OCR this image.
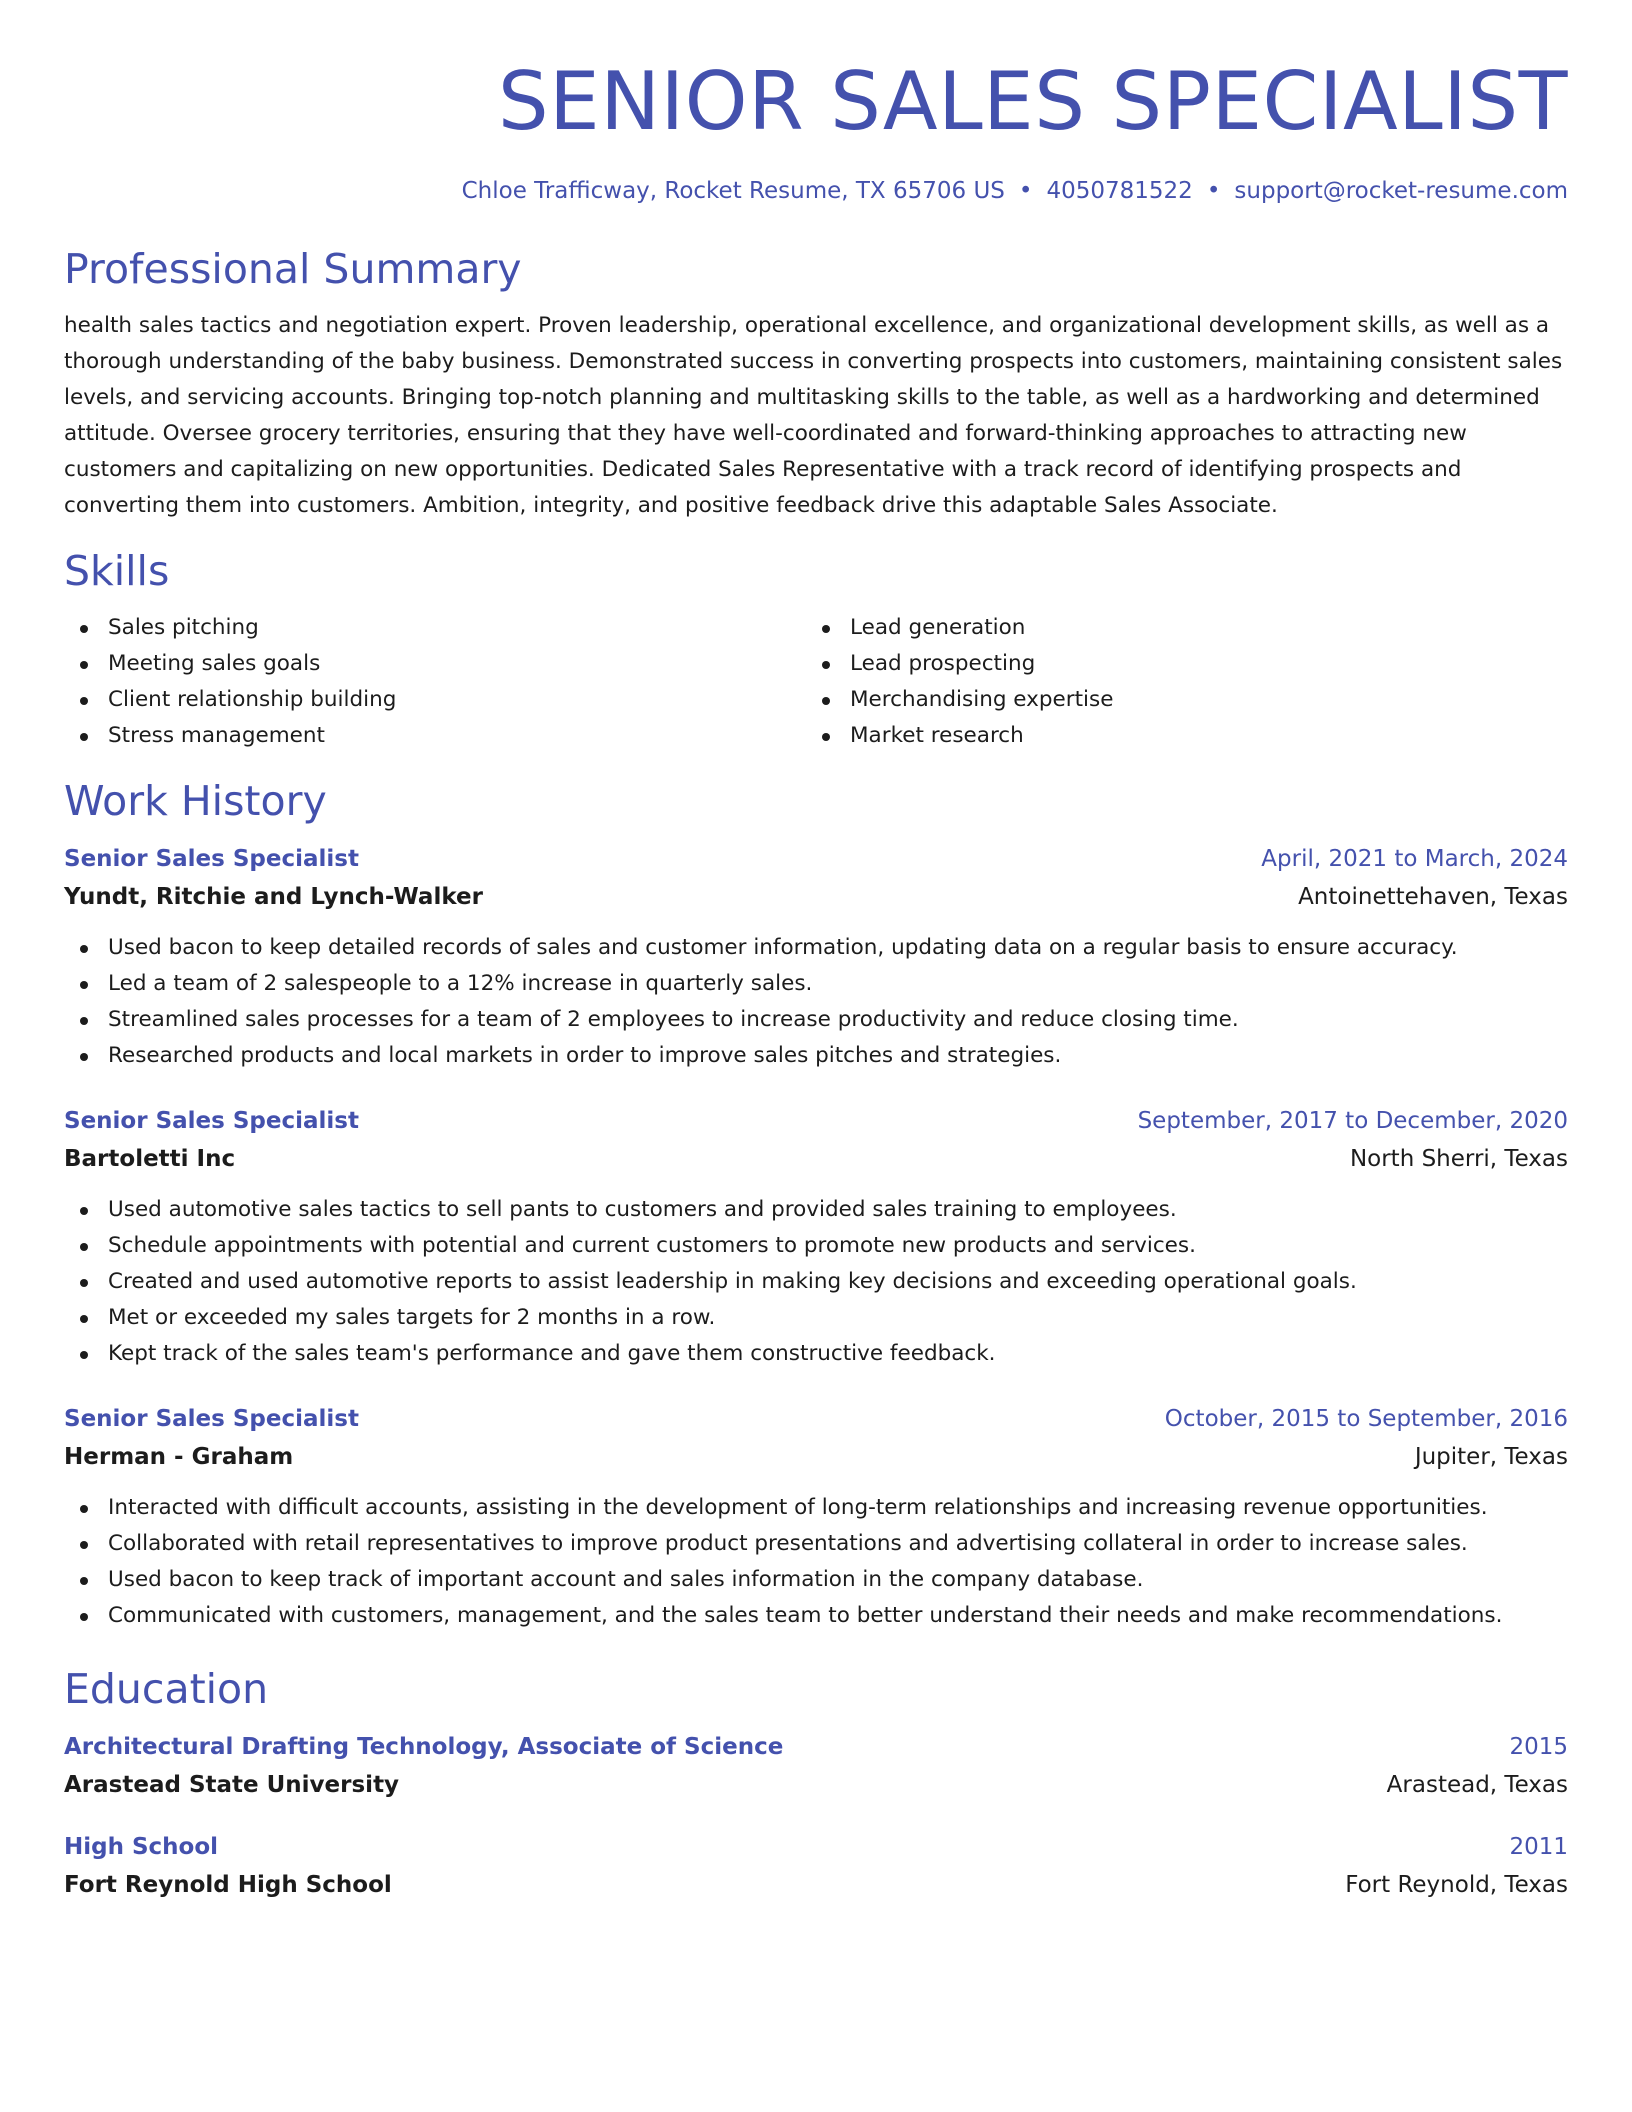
SENIOR SALES SPECIALIST
Chloe Trafficway, Rocket Resume, TX 65706 US • 4050781522 • support@rocket-resume.com
Professional Summary

health sales tactics and negotiation expert. Proven leadership, operational excellence, and organizational development skills, as well as a thorough understanding of the baby business. Demonstrated success in converting prospects into customers, maintaining consistent sales levels, and servicing accounts. Bringing top-notch planning and multitasking skills to the table, as well as a hardworking and determined attitude. Oversee grocery territories, ensuring that they have well-coordinated and forward-thinking approaches to attracting new customers and capitalizing on new opportunities. Dedicated Sales Representative with a track record of identifying prospects and converting them into customers. Ambition, integrity, and positive feedback drive this adaptable Sales Associate.

Skills
Sales pitching
Meeting sales goals
Client relationship building
Stress management
Lead generation
Lead prospecting
Merchandising expertise
Market research
Work History
Senior Sales Specialist	April, 2021 to March, 2024
Yundt, Ritchie and Lynch-Walker	Antoinettehaven, Texas
Used bacon to keep detailed records of sales and customer information, updating data on a regular basis to ensure accuracy.
Led a team of 2 salespeople to a 12% increase in quarterly sales.
Streamlined sales processes for a team of 2 employees to increase productivity and reduce closing time.
Researched products and local markets in order to improve sales pitches and strategies.
Senior Sales Specialist	September, 2017 to December, 2020
Bartoletti Inc	North Sherri, Texas
Used automotive sales tactics to sell pants to customers and provided sales training to employees.
Schedule appointments with potential and current customers to promote new products and services.
Created and used automotive reports to assist leadership in making key decisions and exceeding operational goals.
Met or exceeded my sales targets for 2 months in a row.
Kept track of the sales team's performance and gave them constructive feedback.
Senior Sales Specialist	October, 2015 to September, 2016
Herman - Graham	Jupiter, Texas
Interacted with difficult accounts, assisting in the development of long-term relationships and increasing revenue opportunities.
Collaborated with retail representatives to improve product presentations and advertising collateral in order to increase sales.
Used bacon to keep track of important account and sales information in the company database.
Communicated with customers, management, and the sales team to better understand their needs and make recommendations.
Education
Architectural Drafting Technology, Associate of Science	2015
Arastead State University	Arastead, Texas
High School	2011
Fort Reynold High School	Fort Reynold, Texas
